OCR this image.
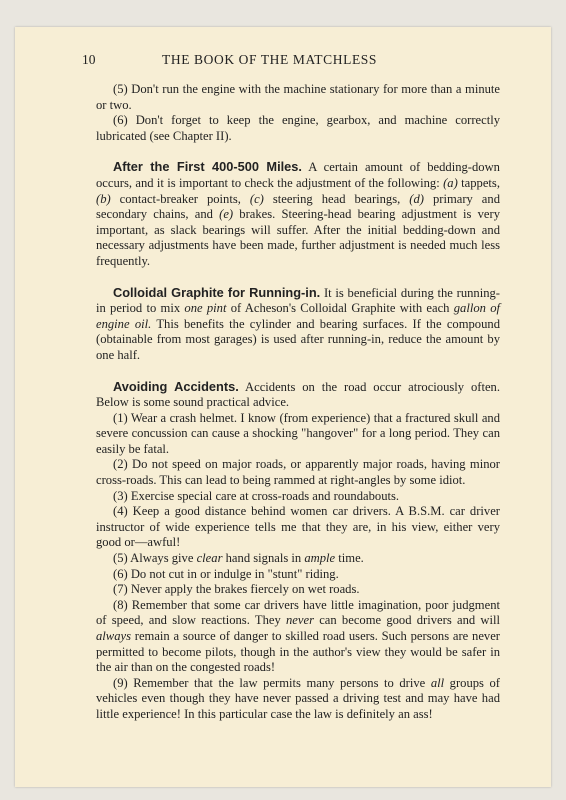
10	THE BOOK OF THE MATCHLESS

(5) Don't run the engine with the machine stationary for more than a minute or two.

(6) Don't forget to keep the engine, gearbox, and machine correctly lubricated (see Chapter II).

After the First 400-500 Miles. A certain amount of bedding-down occurs, and it is important to check the adjustment of the following: (a) tappets, (b) contact-breaker points, (c) steering head bearings, (d) primary and secondary chains, and (e) brakes. Steering-head bearing adjustment is very important, as slack bearings will suffer. After the initial bedding-down and necessary adjustments have been made, further adjustment is needed much less frequently.

Colloidal Graphite for Running-in. It is beneficial during the running-in period to mix one pint of Acheson's Colloidal Graphite with each gallon of engine oil. This benefits the cylinder and bearing surfaces. If the compound (obtainable from most garages) is used after running-in, reduce the amount by one half.

Avoiding Accidents. Accidents on the road occur atrociously often. Below is some sound practical advice.

(1) Wear a crash helmet. I know (from experience) that a fractured skull and severe concussion can cause a shocking "hangover" for a long period. They can easily be fatal.

(2) Do not speed on major roads, or apparently major roads, having minor cross-roads. This can lead to being rammed at right-angles by some idiot.

(3) Exercise special care at cross-roads and roundabouts.

(4) Keep a good distance behind women car drivers. A B.S.M. car driver instructor of wide experience tells me that they are, in his view, either very good or—awful!

(5) Always give clear hand signals in ample time.

(6) Do not cut in or indulge in "stunt" riding.

(7) Never apply the brakes fiercely on wet roads.

(8) Remember that some car drivers have little imagination, poor judgment of speed, and slow reactions. They never can become good drivers and will always remain a source of danger to skilled road users. Such persons are never permitted to become pilots, though in the author's view they would be safer in the air than on the congested roads!

(9) Remember that the law permits many persons to drive all groups of vehicles even though they have never passed a driving test and may have had little experience! In this particular case the law is definitely an ass!
